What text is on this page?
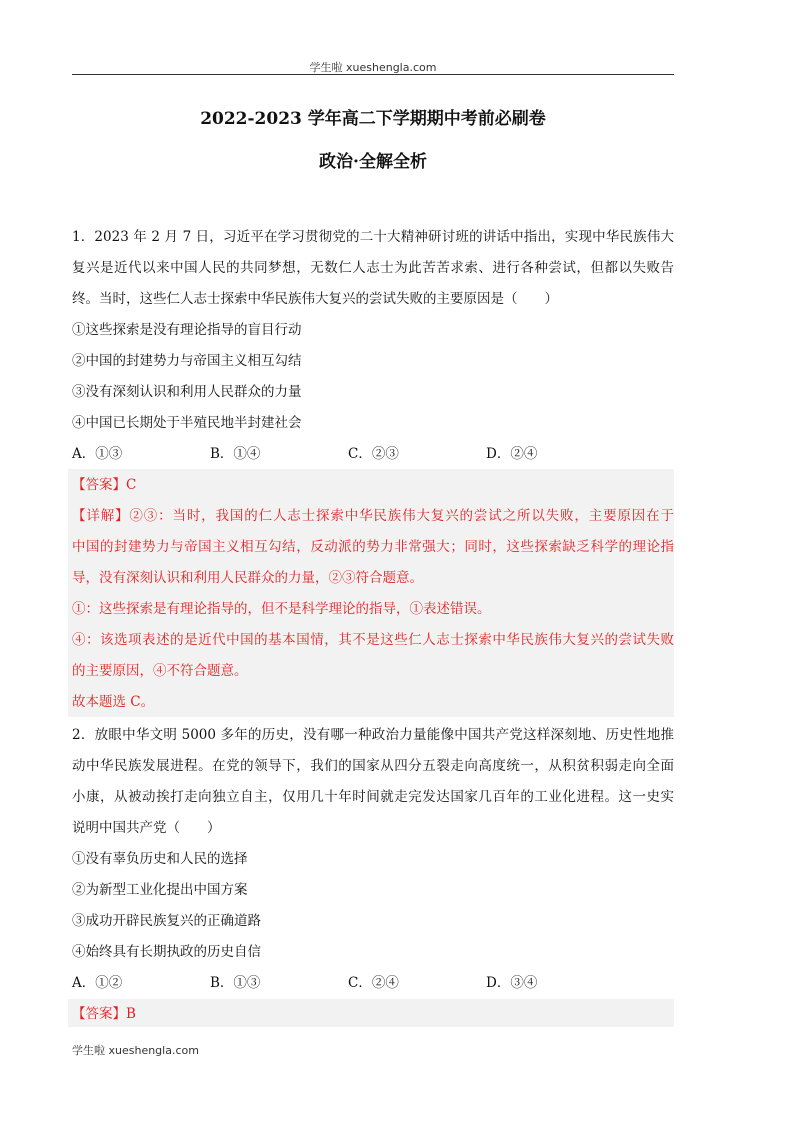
学生啦 xueshengla.com
2022-2023 学年高二下学期期中考前必刷卷
政治·全解全析
1．2023 年 2 月 7 日，习近平在学习贯彻党的二十大精神研讨班的讲话中指出，实现中华民族伟大
复兴是近代以来中国人民的共同梦想，无数仁人志士为此苦苦求索、进行各种尝试，但都以失败告
终。当时，这些仁人志士探索中华民族伟大复兴的尝试失败的主要原因是（　　）
①这些探索是没有理论指导的盲目行动
②中国的封建势力与帝国主义相互勾结
③没有深刻认识和利用人民群众的力量
④中国已长期处于半殖民地半封建社会
A．①③	B．①④	C．②③	D．②④
【答案】C
【详解】②③：当时，我国的仁人志士探索中华民族伟大复兴的尝试之所以失败，主要原因在于
中国的封建势力与帝国主义相互勾结，反动派的势力非常强大；同时，这些探索缺乏科学的理论指
导，没有深刻认识和利用人民群众的力量，②③符合题意。
①：这些探索是有理论指导的，但不是科学理论的指导，①表述错误。
④：该选项表述的是近代中国的基本国情，其不是这些仁人志士探索中华民族伟大复兴的尝试失败
的主要原因，④不符合题意。
故本题选 C。
2．放眼中华文明 5000 多年的历史，没有哪一种政治力量能像中国共产党这样深刻地、历史性地推
动中华民族发展进程。在党的领导下，我们的国家从四分五裂走向高度统一，从积贫积弱走向全面
小康，从被动挨打走向独立自主，仅用几十年时间就走完发达国家几百年的工业化进程。这一史实
说明中国共产党（　　）
①没有辜负历史和人民的选择
②为新型工业化提出中国方案
③成功开辟民族复兴的正确道路
④始终具有长期执政的历史自信
A．①②	B．①③	C．②④	D．③④
【答案】B
学生啦 xueshengla.com
